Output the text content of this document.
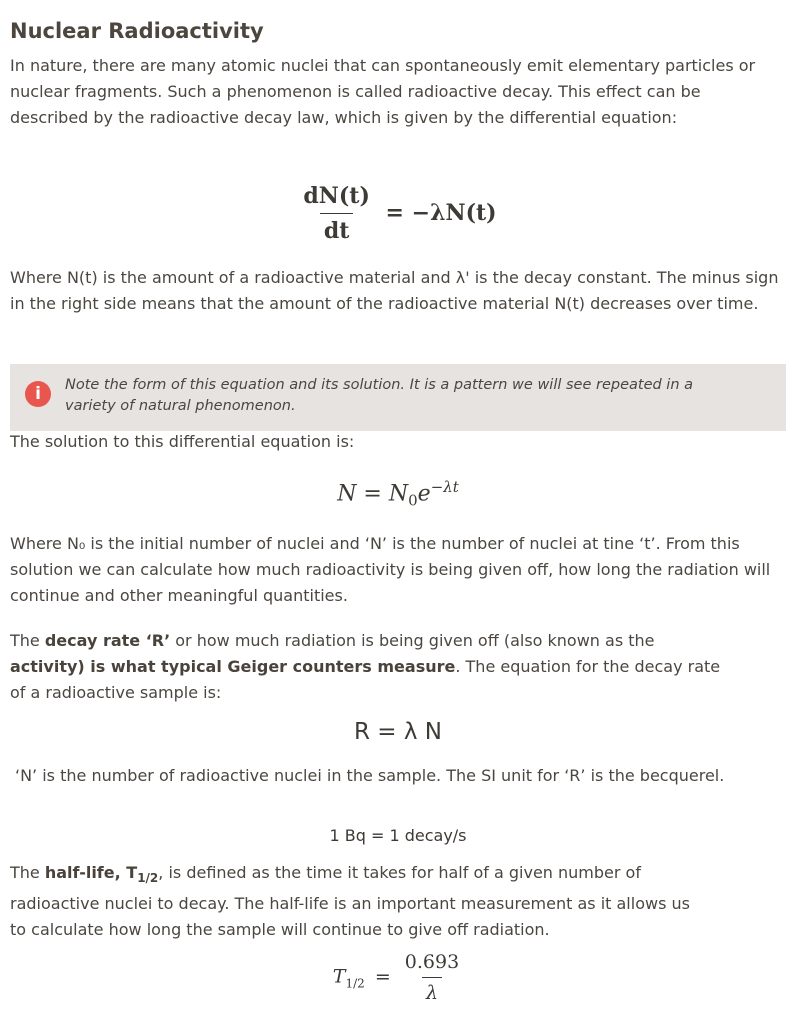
Nuclear Radioactivity

In nature, there are many atomic nuclei that can spontaneously emit elementary particles or nuclear fragments. Such a phenomenon is called radioactive decay. This effect can be described by the radioactive decay law, which is given by the differential equation:

$\frac{dN(t)}{dt} = -\lambda N(t)$

Where N(t) is the amount of a radioactive material and λ' is the decay constant. The minus sign in the right side means that the amount of the radioactive material N(t) decreases over time.

i	Note the form of this equation and its solution. It is a pattern we will see repeated in a variety of natural phenomenon.

The solution to this differential equation is:

$N = N_0e^{-\lambda t}$

Where N₀ is the initial number of nuclei and ‘N’ is the number of nuclei at tine ‘t’. From this solution we can calculate how much radioactivity is being given off, how long the radiation will continue and other meaningful quantities.

The decay rate ‘R’ or how much radiation is being given off (also known as the activity) is what typical Geiger counters measure. The equation for the decay rate of a radioactive sample is:

R = λ N

‘N’ is the number of radioactive nuclei in the sample. The SI unit for ‘R’ is the becquerel.

1 Bq = 1 decay/s

The half-life, $T_{1/2}$, is defined as the time it takes for half of a given number of radioactive nuclei to decay. The half-life is an important measurement as it allows us to calculate how long the sample will continue to give off radiation.

$T_{1/2} = \frac{0.693}{\lambda}$
